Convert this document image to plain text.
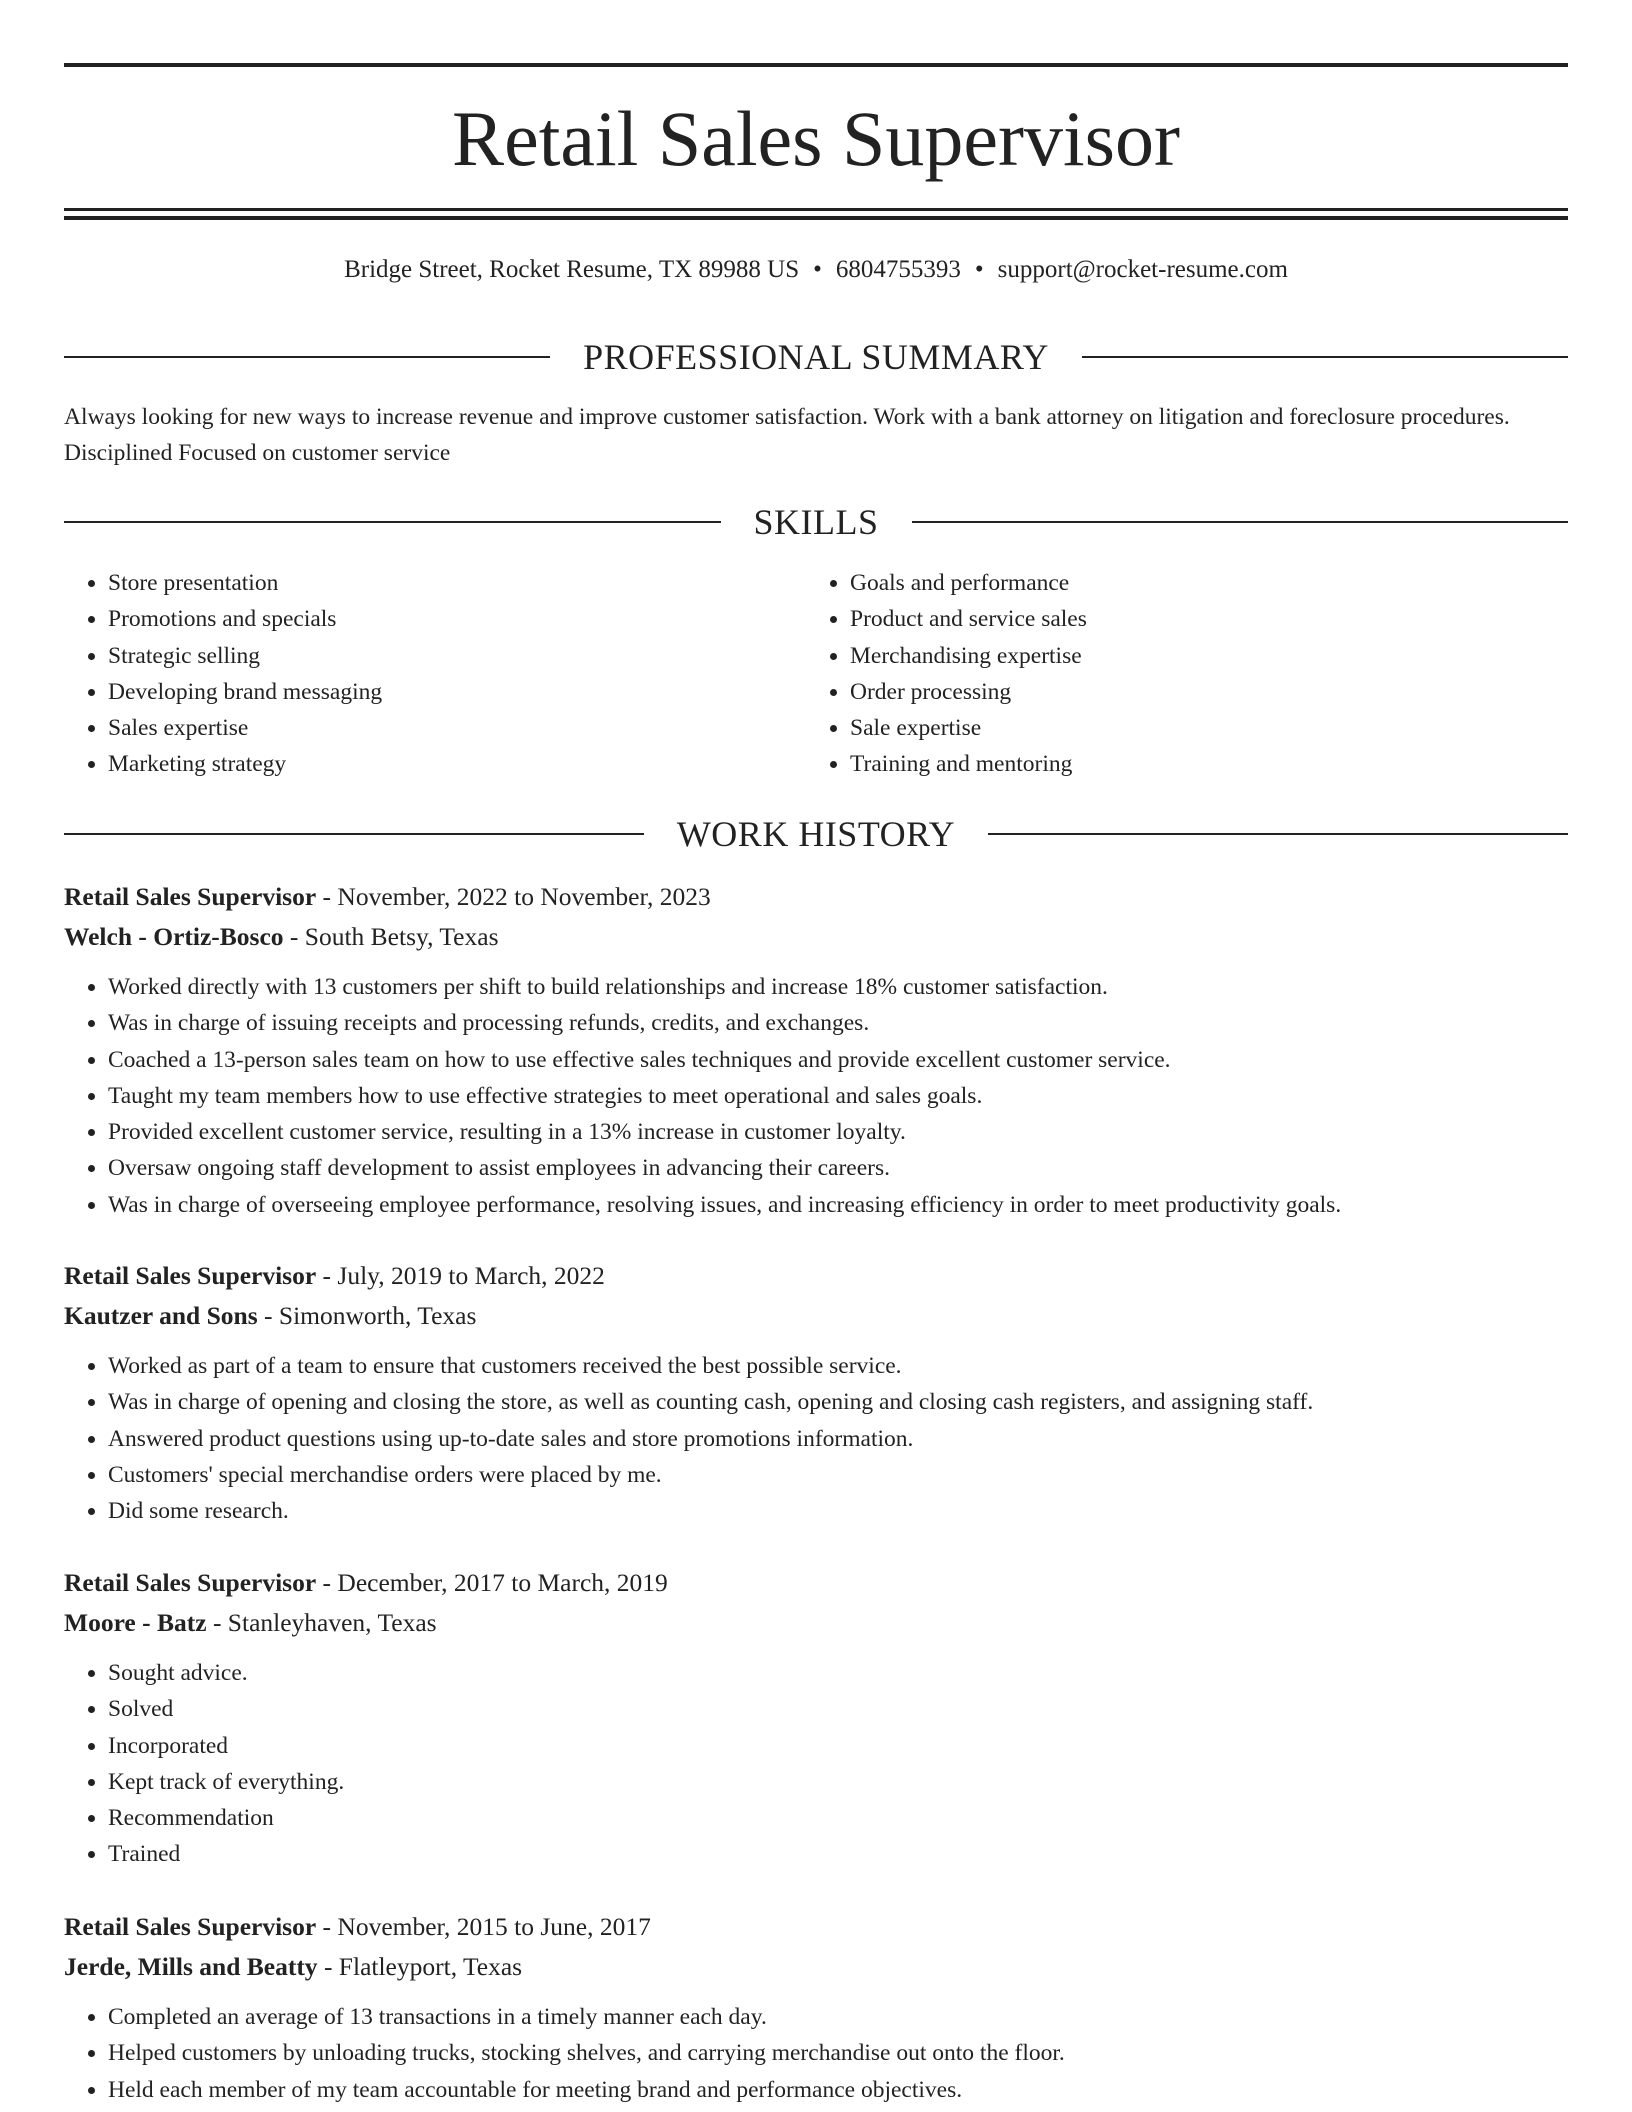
Retail Sales Supervisor
Bridge Street, Rocket Resume, TX 89988 US • 6804755393 • support@rocket-resume.com
PROFESSIONAL SUMMARY

Always looking for new ways to increase revenue and improve customer satisfaction. Work with a bank attorney on litigation and foreclosure procedures. Disciplined Focused on customer service

SKILLS
• Store presentation
• Promotions and specials
• Strategic selling
• Developing brand messaging
• Sales expertise
• Marketing strategy
• Goals and performance
• Product and service sales
• Merchandising expertise
• Order processing
• Sale expertise
• Training and mentoring
WORK HISTORY

Retail Sales Supervisor - November, 2022 to November, 2023

Welch - Ortiz-Bosco - South Betsy, Texas

• Worked directly with 13 customers per shift to build relationships and increase 18% customer satisfaction.
• Was in charge of issuing receipts and processing refunds, credits, and exchanges.
• Coached a 13-person sales team on how to use effective sales techniques and provide excellent customer service.
• Taught my team members how to use effective strategies to meet operational and sales goals.
• Provided excellent customer service, resulting in a 13% increase in customer loyalty.
• Oversaw ongoing staff development to assist employees in advancing their careers.
• Was in charge of overseeing employee performance, resolving issues, and increasing efficiency in order to meet productivity goals.

Retail Sales Supervisor - July, 2019 to March, 2022

Kautzer and Sons - Simonworth, Texas

• Worked as part of a team to ensure that customers received the best possible service.
• Was in charge of opening and closing the store, as well as counting cash, opening and closing cash registers, and assigning staff.
• Answered product questions using up-to-date sales and store promotions information.
• Customers' special merchandise orders were placed by me.
• Did some research.

Retail Sales Supervisor - December, 2017 to March, 2019

Moore - Batz - Stanleyhaven, Texas

• Sought advice.
• Solved
• Incorporated
• Kept track of everything.
• Recommendation
• Trained

Retail Sales Supervisor - November, 2015 to June, 2017

Jerde, Mills and Beatty - Flatleyport, Texas

• Completed an average of 13 transactions in a timely manner each day.
• Helped customers by unloading trucks, stocking shelves, and carrying merchandise out onto the floor.
• Held each member of my team accountable for meeting brand and performance objectives.
